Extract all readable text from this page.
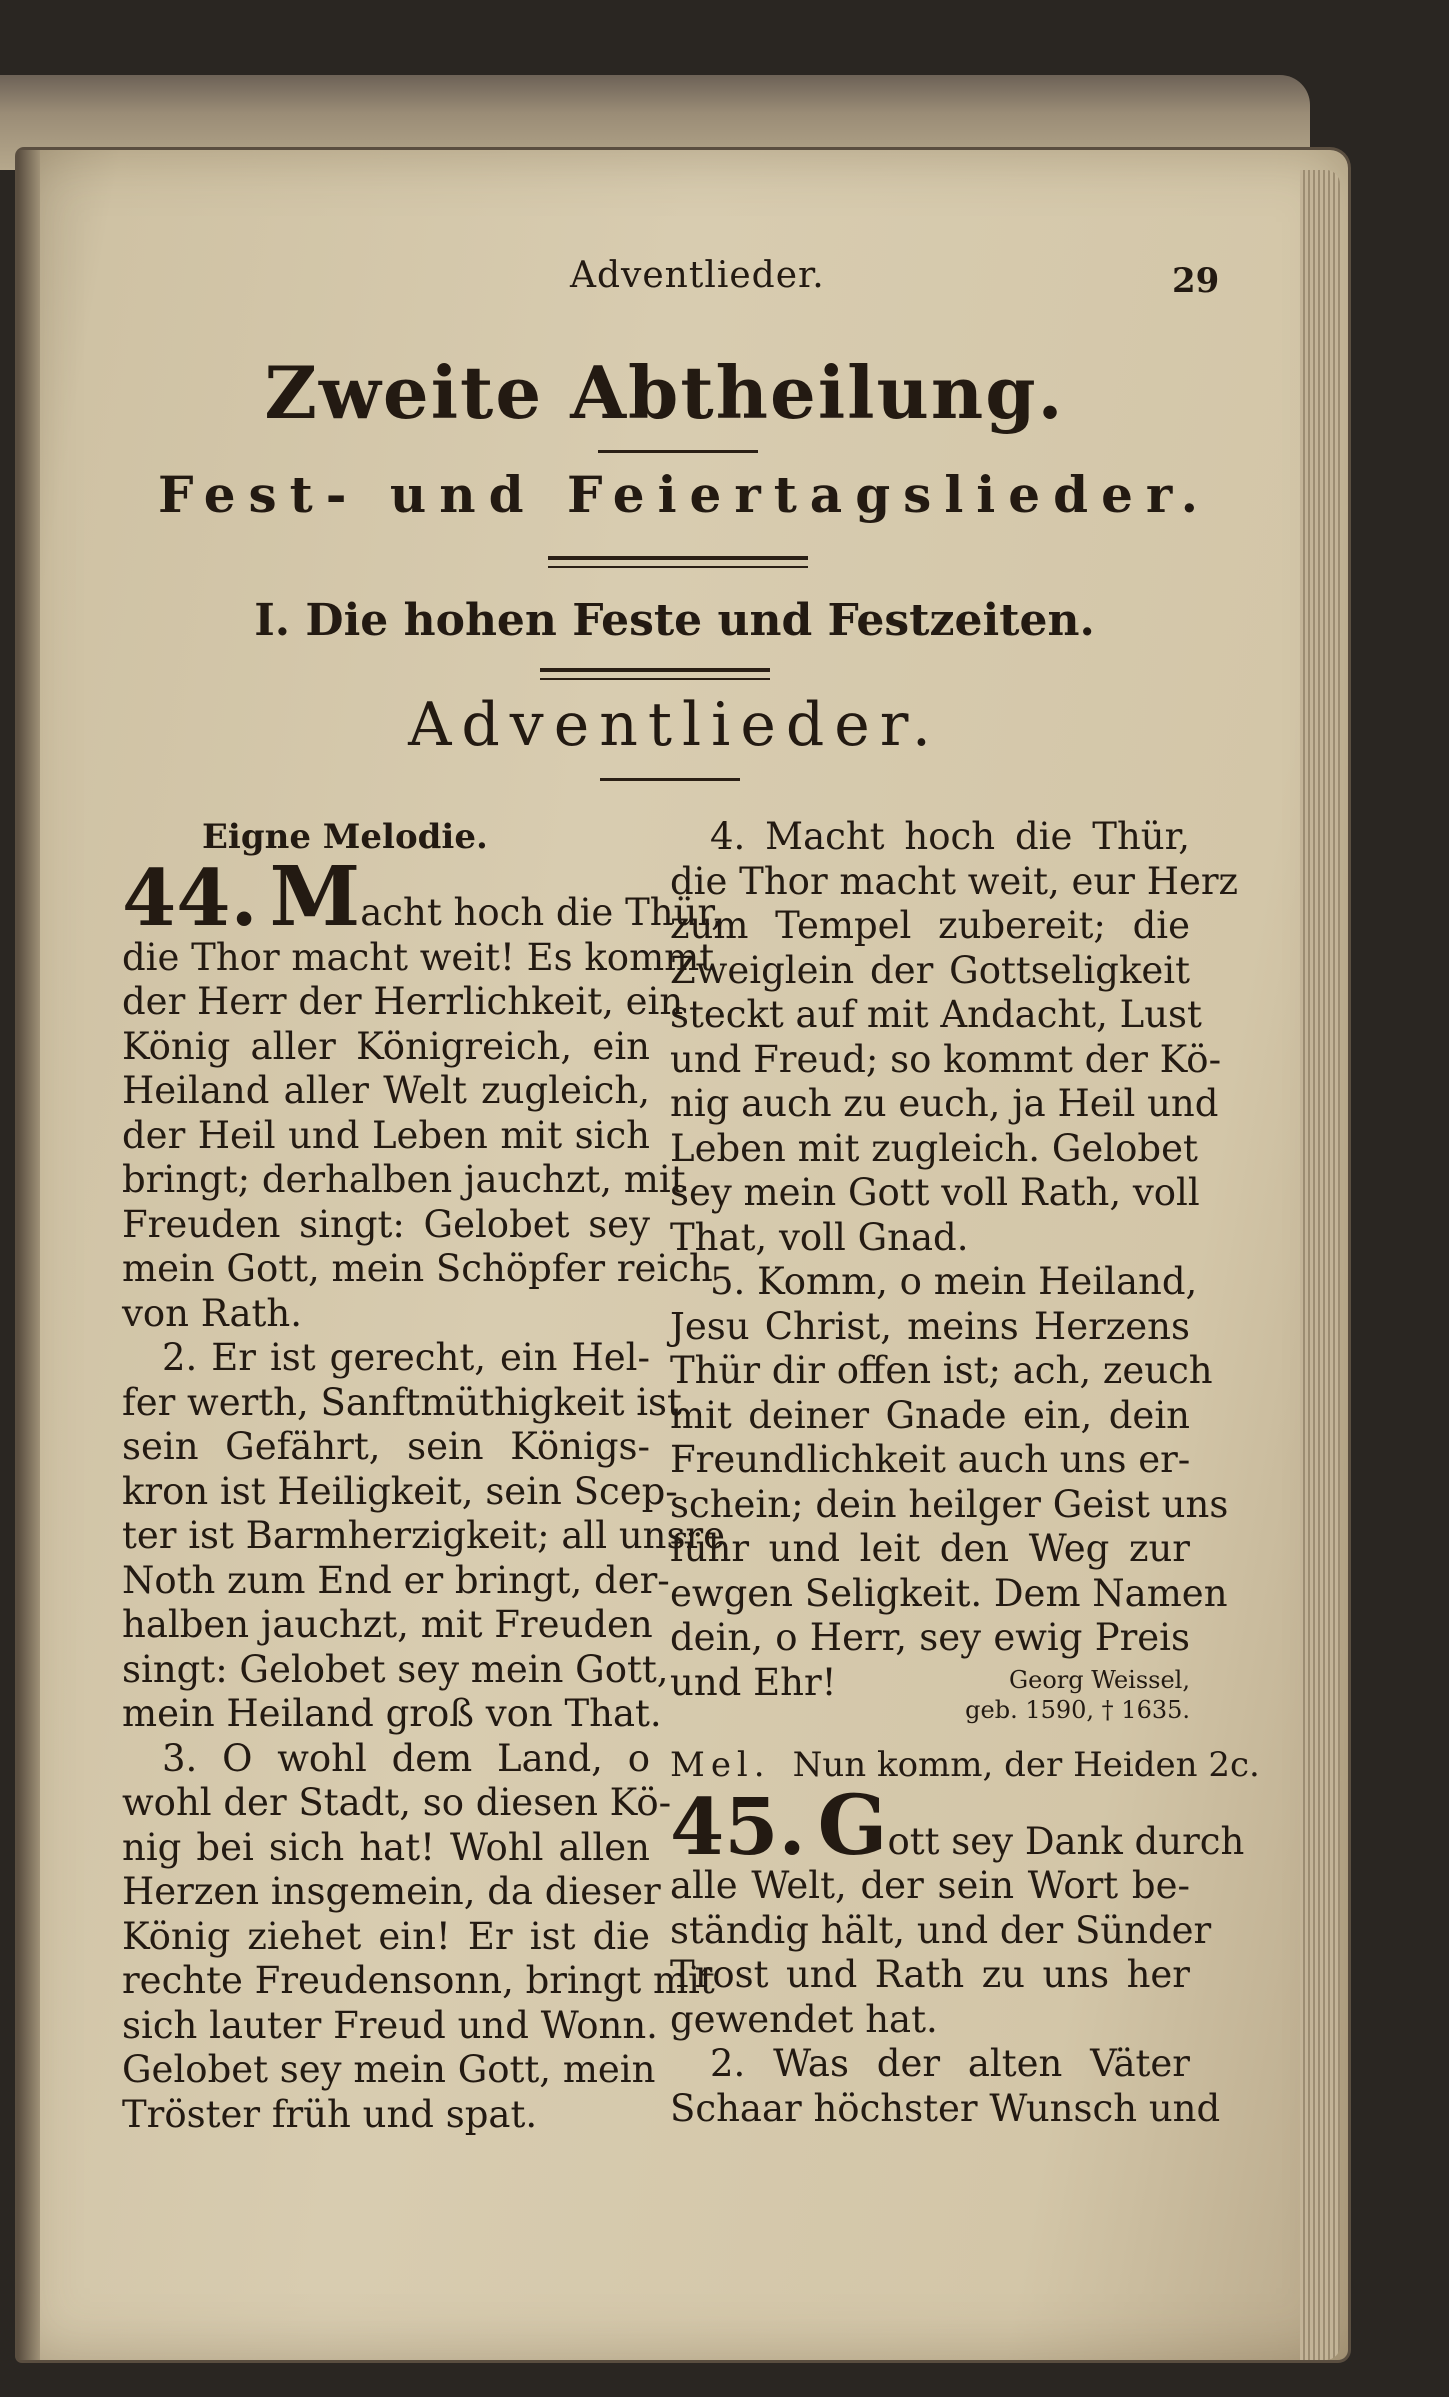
Adventlieder.	29
Zweite Abtheilung.
Fest- und Feiertagslieder.
I. Die hohen Feste und Festzeiten.
Adventlieder.
Eigne Melodie.
44. Macht hoch die Thür,
die Thor macht weit! Es kommt
der Herr der Herrlichkeit, ein
König aller Königreich, ein
Heiland aller Welt zugleich,
der Heil und Leben mit sich
bringt; derhalben jauchzt, mit
Freuden singt: Gelobet sey
mein Gott, mein Schöpfer reich
von Rath.
2. Er ist gerecht, ein Hel-
fer werth, Sanftmüthigkeit ist
sein Gefährt, sein Königs-
kron ist Heiligkeit, sein Scep-
ter ist Barmherzigkeit; all unsre
Noth zum End er bringt, der-
halben jauchzt, mit Freuden
singt: Gelobet sey mein Gott,
mein Heiland groß von That.
3. O wohl dem Land, o
wohl der Stadt, so diesen Kö-
nig bei sich hat! Wohl allen
Herzen insgemein, da dieser
König ziehet ein! Er ist die
rechte Freudensonn, bringt mit
sich lauter Freud und Wonn.
Gelobet sey mein Gott, mein
Tröster früh und spat.
4. Macht hoch die Thür,
die Thor macht weit, eur Herz
zum Tempel zubereit; die
Zweiglein der Gottseligkeit
steckt auf mit Andacht, Lust
und Freud; so kommt der Kö-
nig auch zu euch, ja Heil und
Leben mit zugleich. Gelobet
sey mein Gott voll Rath, voll
That, voll Gnad.
5. Komm, o mein Heiland,
Jesu Christ, meins Herzens
Thür dir offen ist; ach, zeuch
mit deiner Gnade ein, dein
Freundlichkeit auch uns er-
schein; dein heilger Geist uns
führ und leit den Weg zur
ewgen Seligkeit. Dem Namen
dein, o Herr, sey ewig Preis
und Ehr!	Georg Weissel,
geb. 1590, † 1635.
Mel. Nun komm, der Heiden 2c.
45. Gott sey Dank durch
alle Welt, der sein Wort be-
ständig hält, und der Sünder
Trost und Rath zu uns her
gewendet hat.
2. Was der alten Väter
Schaar höchster Wunsch und
